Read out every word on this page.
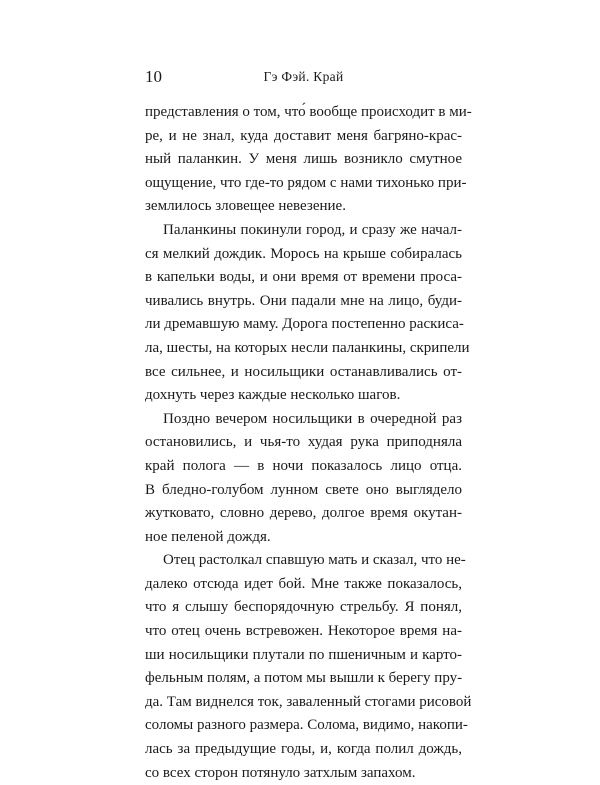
10	Гэ Фэй. Край
представления о том, что́ вообще происходит в ми-
ре, и не знал, куда доставит меня багряно-крас-
ный паланкин. У меня лишь возникло смутное
ощущение, что где-то рядом с нами тихонько при-
землилось зловещее невезение.
Паланкины покинули город, и сразу же начал-
ся мелкий дождик. Морось на крыше собиралась
в капельки воды, и они время от времени проса-
чивались внутрь. Они падали мне на лицо, буди-
ли дремавшую маму. Дорога постепенно раскиса-
ла, шесты, на которых несли паланкины, скрипели
все сильнее, и носильщики останавливались от-
дохнуть через каждые несколько шагов.
Поздно вечером носильщики в очередной раз
остановились, и чья-то худая рука приподняла
край полога — в ночи показалось лицо отца.
В бледно-голубом лунном свете оно выглядело
жутковато, словно дерево, долгое время окутан-
ное пеленой дождя.
Отец растолкал спавшую мать и сказал, что не-
далеко отсюда идет бой. Мне также показалось,
что я слышу беспорядочную стрельбу. Я понял,
что отец очень встревожен. Некоторое время на-
ши носильщики плутали по пшеничным и карто-
фельным полям, а потом мы вышли к берегу пру-
да. Там виднелся ток, заваленный стогами рисовой
соломы разного размера. Солома, видимо, накопи-
лась за предыдущие годы, и, когда полил дождь,
со всех сторон потянуло затхлым запахом.
